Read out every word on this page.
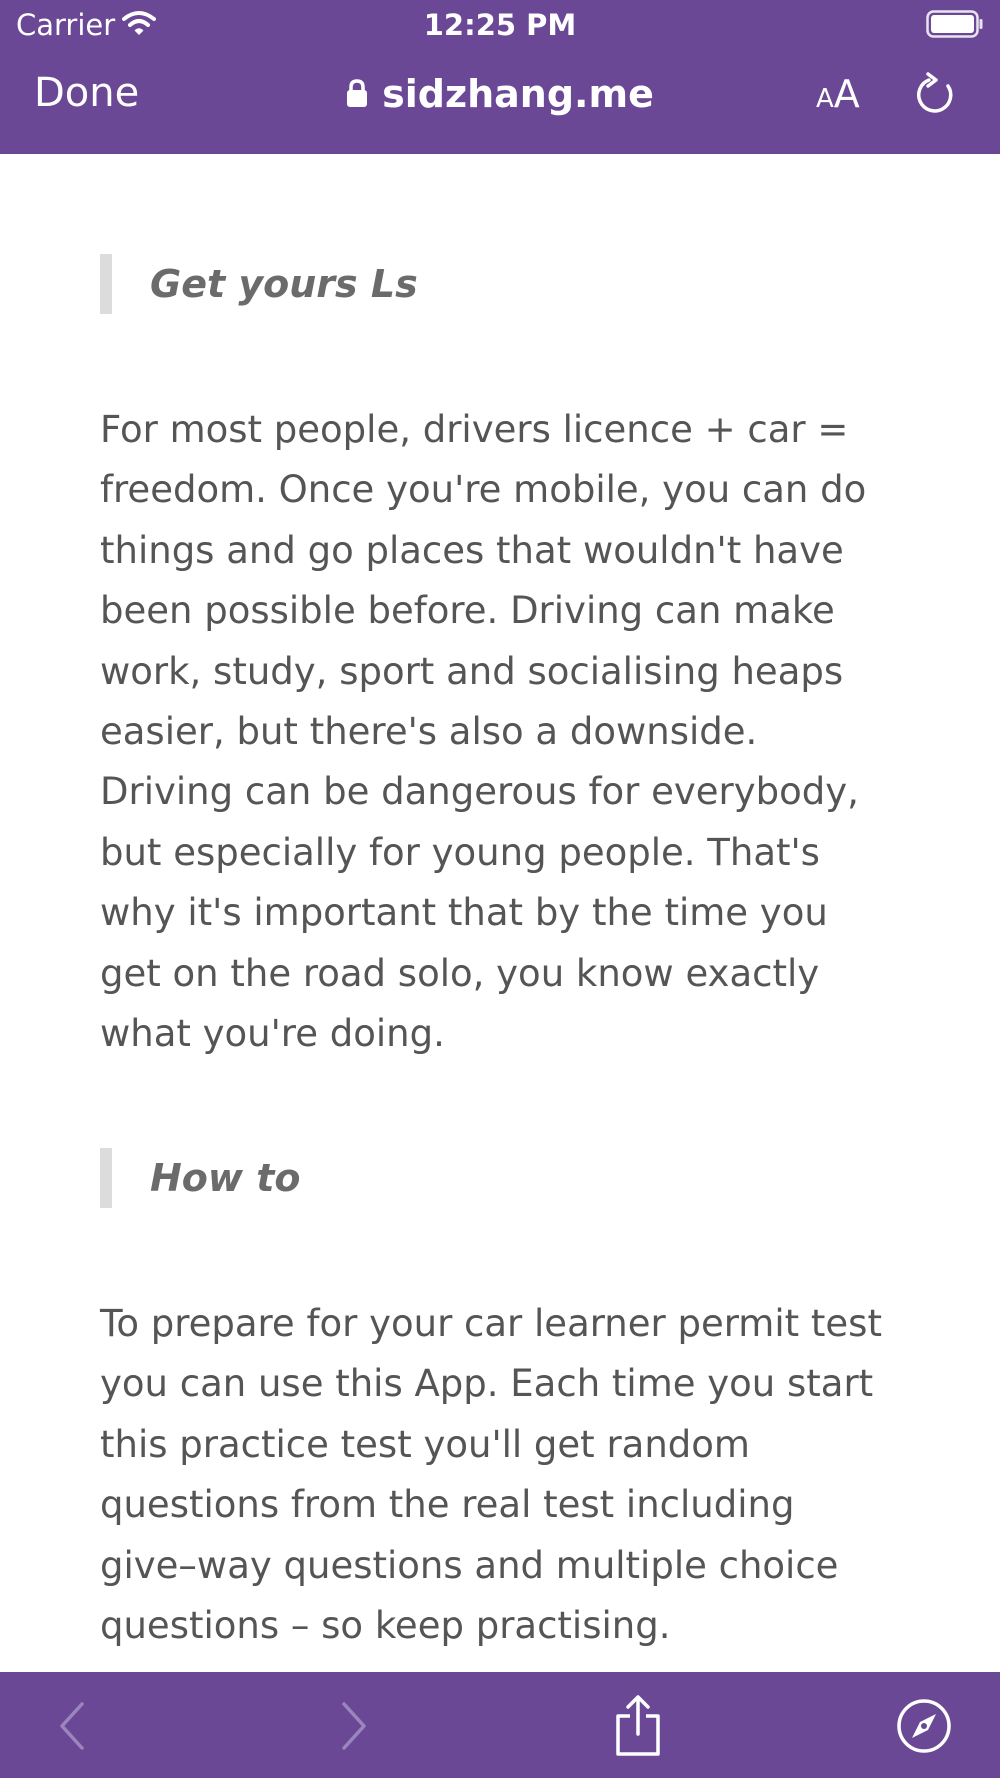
Carrier	12:25 PM
Done	sidzhang.me	AA
Get yours Ls

For most people, drivers licence + car = freedom. Once you're mobile, you can do things and go places that wouldn't have been possible before. Driving can make work, study, sport and socialising heaps easier, but there's also a downside. Driving can be dangerous for everybody, but especially for young people. That's why it's important that by the time you get on the road solo, you know exactly what you're doing.

How to

To prepare for your car learner permit test you can use this App. Each time you start this practice test you'll get random questions from the real test including give–way questions and multiple choice questions – so keep practising.
